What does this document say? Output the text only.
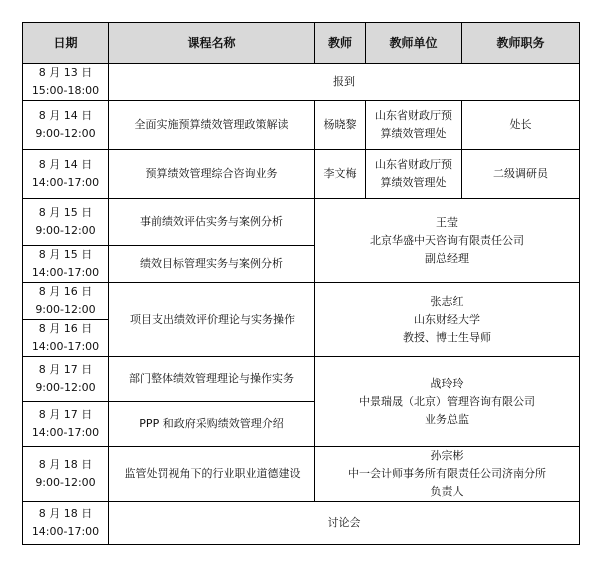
日期	课程名称	教师	教师单位	教师职务

8 月 13 日
15:00-18:00	报到			

8 月 14 日
9:00-12:00	全面实施预算绩效管理政策解读	杨晓黎	山东省财政厅预
算绩效管理处	处长

8 月 14 日
14:00-17:00	预算绩效管理综合咨询业务	李文梅	山东省财政厅预
算绩效管理处	二级调研员

8 月 15 日
9:00-12:00	事前绩效评估实务与案例分析	王莹
北京华盛中天咨询有限责任公司
副总经理		

8 月 15 日
14:00-17:00	绩效目标管理实务与案例分析			

8 月 16 日
9:00-12:00	项目支出绩效评价理论与实务操作	张志红
山东财经大学
教授、博士生导师		

8 月 16 日
14:00-17:00				

8 月 17 日
9:00-12:00	部门整体绩效管理理论与操作实务	战玲玲
中景瑞晟（北京）管理咨询有限公司
业务总监		

8 月 17 日
14:00-17:00	PPP 和政府采购绩效管理介绍			

8 月 18 日
9:00-12:00	监管处罚视角下的行业职业道德建设	孙宗彬
中一会计师事务所有限责任公司济南分所
负责人		

8 月 18 日
14:00-17:00	讨论会			
